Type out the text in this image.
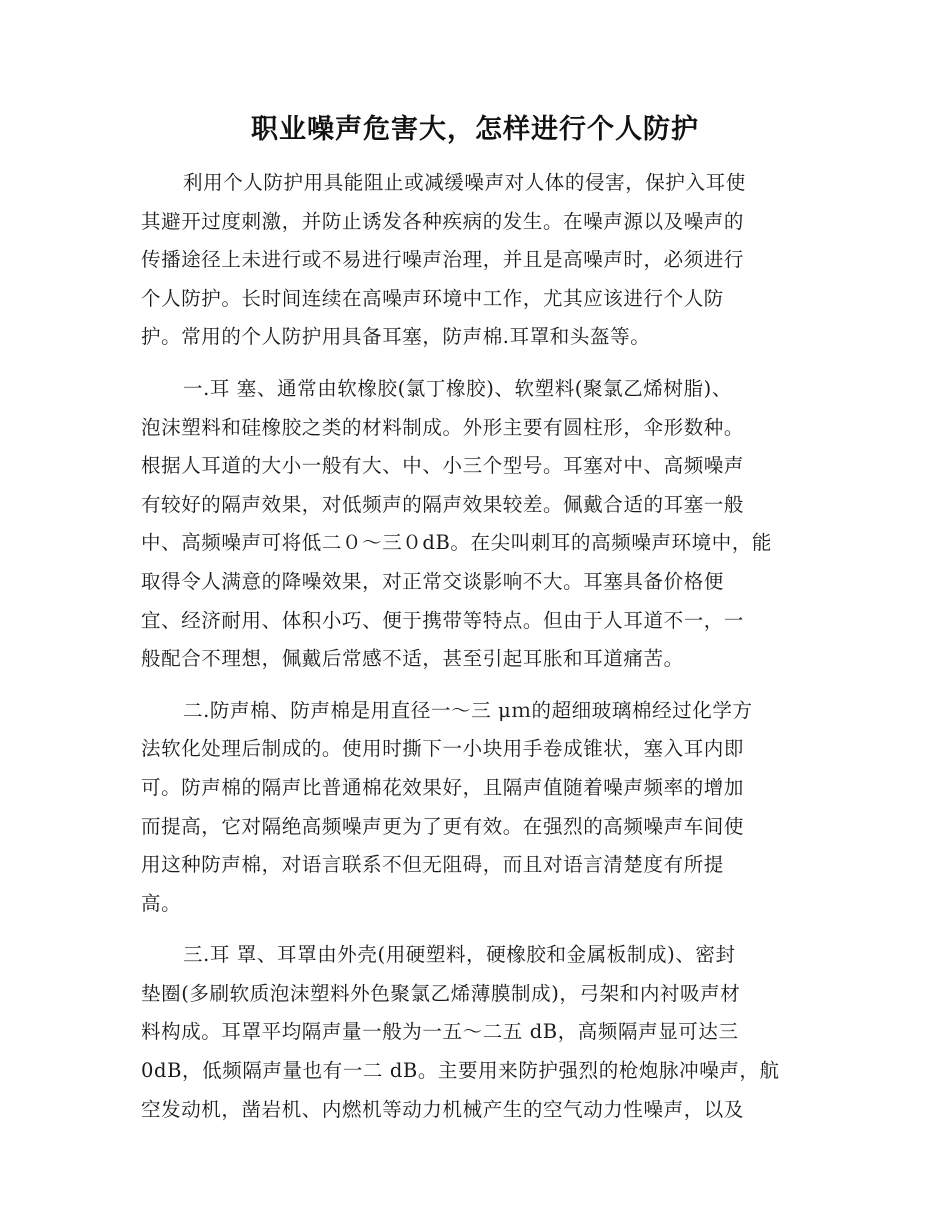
职业噪声危害大，怎样进行个人防护
利用个人防护用具能阻止或减缓噪声对人体的侵害，保护入耳使
其避开过度刺激，并防止诱发各种疾病的发生。在噪声源以及噪声的
传播途径上未进行或不易进行噪声治理，并且是高噪声时，必须进行
个人防护。长时间连续在高噪声环境中工作，尤其应该进行个人防
护。常用的个人防护用具备耳塞，防声棉.耳罩和头盔等。
一.耳 塞、通常由软橡胶(氯丁橡胶)、软塑料(聚氯乙烯树脂)、
泡沫塑料和硅橡胶之类的材料制成。外形主要有圆柱形，伞形数种。
根据人耳道的大小一般有大、中、小三个型号。耳塞对中、高频噪声
有较好的隔声效果，对低频声的隔声效果较差。佩戴合适的耳塞一般
中、高频噪声可将低二０～三０dB。在尖叫刺耳的高频噪声环境中，能
取得令人满意的降噪效果，对正常交谈影响不大。耳塞具备价格便
宜、经济耐用、体积小巧、便于携带等特点。但由于人耳道不一，一
般配合不理想，佩戴后常感不适，甚至引起耳胀和耳道痛苦。
二.防声棉、防声棉是用直径一～三 μｍ的超细玻璃棉经过化学方
法软化处理后制成的。使用时撕下一小块用手卷成锥状，塞入耳内即
可。防声棉的隔声比普通棉花效果好，且隔声值随着噪声频率的增加
而提高，它对隔绝高频噪声更为了更有效。在强烈的高频噪声车间使
用这种防声棉，对语言联系不但无阻碍，而且对语言清楚度有所提
高。
三.耳 罩、耳罩由外壳(用硬塑料，硬橡胶和金属板制成)、密封
垫圈(多刷软质泡沫塑料外色聚氯乙烯薄膜制成)，弓架和内衬吸声材
料构成。耳罩平均隔声量一般为一五～二五 dB，高频隔声显可达三
0dB，低频隔声量也有一二 dB。主要用来防护强烈的枪炮脉冲噪声，航
空发动机，凿岩机、内燃机等动力机械产生的空气动力性噪声，以及
